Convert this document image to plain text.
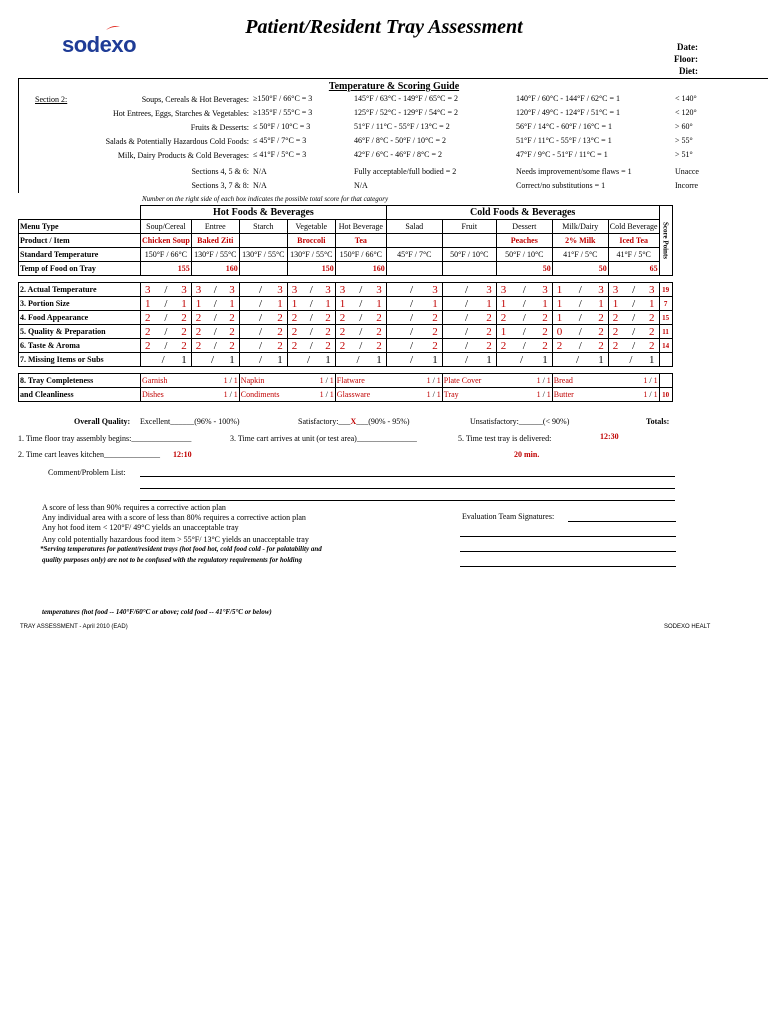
sodexo
Patient/Resident Tray Assessment
Date:
Floor:
Diet:
Temperature & Scoring Guide
Section 2:	Soups, Cereals & Hot Beverages: ≥150°F / 66°C = 3	145°F / 63°C - 149°F / 65°C = 2	140°F / 60°C - 144°F / 62°C = 1	< 140°
Hot Entrees, Eggs, Starches & Vegetables: ≥135°F / 55°C = 3	125°F / 52°C - 129°F / 54°C = 2	120°F / 49°C - 124°F / 51°C = 1	< 120°
Fruits & Desserts: ≤ 50°F / 10°C = 3	51°F / 11°C - 55°F / 13°C = 2	56°F / 14°C - 60°F / 16°C = 1	> 60°
Salads & Potentially Hazardous Cold Foods: ≤ 45°F / 7°C = 3	46°F / 8°C - 50°F / 10°C = 2	51°F / 11°C - 55°F / 13°C = 1	> 55°
Milk, Dairy Products & Cold Beverages: ≤ 41°F / 5°C = 3	42°F / 6°C - 46°F / 8°C = 2	47°F / 9°C - 51°F / 11°C = 1	> 51°
Sections 4, 5 & 6: N/A	Fully acceptable/full bodied = 2	Needs improvement/some flaws = 1	Unacce
Sections 3, 7 & 8: N/A	N/A	Correct/no substitutions = 1	Incorre
Number on the right side of each box indicates the possible total score for that category
	Hot Foods & Beverages					Cold Foods & Beverages					Score Points
Menu Type	Soup/Cereal	Entree	Starch	Vegetable	Hot Beverage	Salad	Fruit	Dessert	Milk/Dairy	Cold Beverage	
Product / Item	Chicken Soup	Baked Ziti		Broccoli	Tea			Peaches	2% Milk	Iced Tea	
Standard Temperature	150°F / 66°C	130°F / 55°C	130°F / 55°C	130°F / 55°C	150°F / 66°C	45°F / 7°C	50°F / 10°C	50°F / 10°C	41°F / 5°C	41°F / 5°C	
Temp of Food on Tray	155	160		150	160			50	50	65	

2. Actual Temperature	3 / 3	3 / 3	/ 3	3 / 3	3 / 3	/ 3	/ 3	3 / 3	1 / 3	3 / 3	19
3. Portion Size	1 / 1	1 / 1	/ 1	1 / 1	1 / 1	/ 1	/ 1	1 / 1	1 / 1	1 / 1	7
4. Food Appearance	2 / 2	2 / 2	/ 2	2 / 2	2 / 2	/ 2	/ 2	2 / 2	1 / 2	2 / 2	15
5. Quality & Preparation	2 / 2	2 / 2	/ 2	2 / 2	2 / 2	/ 2	/ 2	1 / 2	0 / 2	2 / 2	11
6. Taste & Aroma	2 / 2	2 / 2	/ 2	2 / 2	2 / 2	/ 2	/ 2	2 / 2	2 / 2	2 / 2	14
7. Missing Items or Subs	/ 1	/ 1	/ 1	/ 1	/ 1	/ 1	/ 1	/ 1	/ 1	/ 1	

8. Tray Completeness	Garnish 1 / 1		Napkin 1 / 1		Flatware 1 / 1		Plate Cover 1 / 1		Bread 1 / 1		

and Cleanliness	Dishes 1 / 1		Condiments 1 / 1		Glassware 1 / 1		Tray 1 / 1		Butter 1 / 1		10
Overall Quality: Excellent______(96% - 100%)	Satisfactory:___X___(90% - 95%)	Unsatisfactory:______(< 90%)	Totals:
1. Time floor tray assembly begins:_______________	3. Time cart arrives at unit (or test area)_______________	5. Time test tray is delivered:	12:30
2. Time cart leaves kitchen______________ 12:10	20 min.
Comment/Problem List:
A score of less than 90% requires a corrective action plan
Any individual area with a score of less than 80% requires a corrective action plan
Any hot food item < 120°F/ 49°C yields an unacceptable tray
Any cold potentially hazardous food item > 55°F/ 13°C yields an unacceptable tray
*Serving temperatures for patient/resident trays (hot food hot, cold food cold - for palatability and
quality purposes only) are not to be confused with the regulatory requirements for holding
temperatures (hot food -- 140°F/60°C or above; cold food -- 41°F/5°C or below)
Evaluation Team Signatures:
TRAY ASSESSMENT - April 2010 (EAD)	SODEXO HEALT
